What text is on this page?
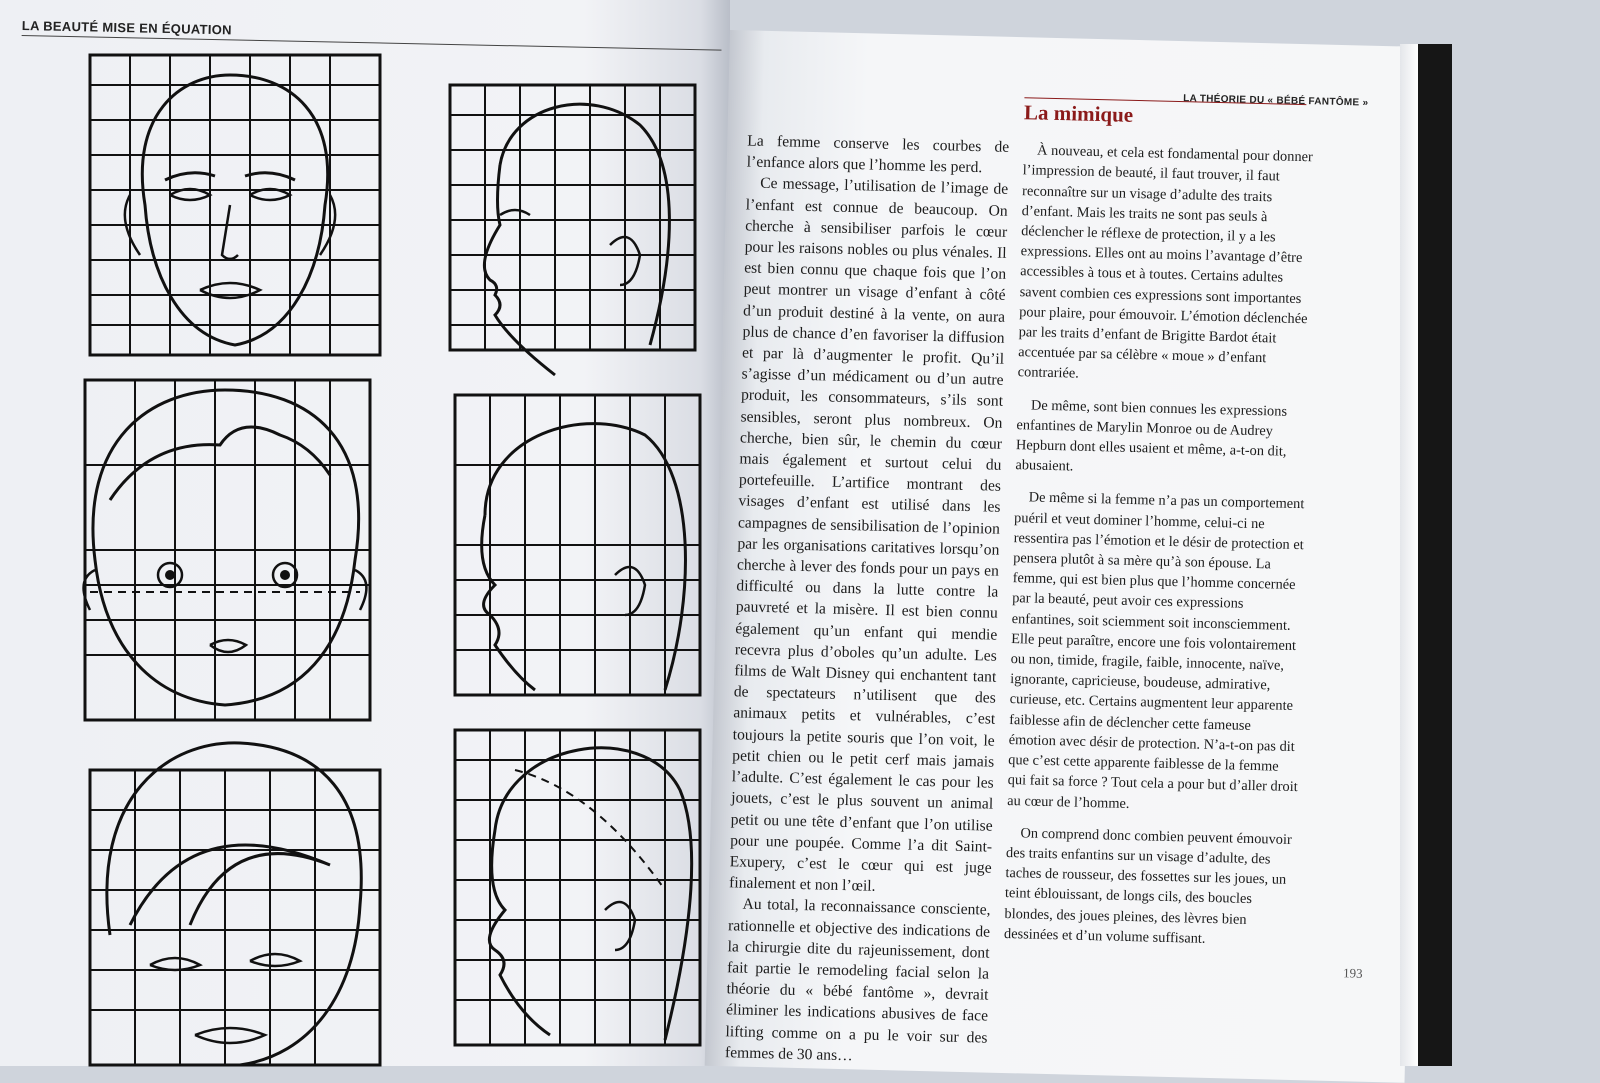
LA BEAUTÉ MISE EN ÉQUATION
LA THÉORIE DU « BÉBÉ FANTÔME »

La femme conserve les courbes de l’enfance alors que l’homme les perd.

Ce message, l’utilisation de l’image de l’enfant est connue de beaucoup. On cherche à sensibiliser parfois le cœur pour les raisons nobles ou plus vénales. Il est bien connu que chaque fois que l’on peut montrer un visage d’enfant à côté d’un produit destiné à la vente, on aura plus de chance d’en favoriser la diffusion et par là d’augmenter le profit. Qu’il s’agisse d’un médicament ou d’un autre produit, les consommateurs, s’ils sont sensibles, seront plus nombreux. On cherche, bien sûr, le chemin du cœur mais également et surtout celui du portefeuille. L’artifice montrant des visages d’enfant est utilisé dans les campagnes de sensibilisation de l’opinion par les organisations caritatives lorsqu’on cherche à lever des fonds pour un pays en difficulté ou dans la lutte contre la pauvreté et la misère. Il est bien connu également qu’un enfant qui mendie recevra plus d’oboles qu’un adulte. Les films de Walt Disney qui enchantent tant de spectateurs n’utilisent que des animaux petits et vulnérables, c’est toujours la petite souris que l’on voit, le petit chien ou le petit cerf mais jamais l’adulte. C’est également le cas pour les jouets, c’est le plus souvent un animal petit ou une tête d’enfant que l’on utilise pour une poupée. Comme l’a dit Saint-Exupery, c’est le cœur qui est juge finalement et non l’œil.

Au total, la reconnaissance consciente, rationnelle et objective des indications de la chirurgie dite du rajeunissement, dont fait partie le remodeling facial selon la théorie du « bébé fantôme », devrait éliminer les indications abusives de face lifting comme on a pu le voir sur des femmes de 30 ans…

La mimique

À nouveau, et cela est fondamental pour donner l’impression de beauté, il faut trouver, il faut reconnaître sur un visage d’adulte des traits d’enfant. Mais les traits ne sont pas seuls à déclencher le réflexe de protection, il y a les expressions. Elles ont au moins l’avantage d’être accessibles à tous et à toutes. Certains adultes savent combien ces expressions sont importantes pour plaire, pour émouvoir. L’émotion déclenchée par les traits d’enfant de Brigitte Bardot était accentuée par sa célèbre « moue » d’enfant contrariée.

De même, sont bien connues les expressions enfantines de Marylin Monroe ou de Audrey Hepburn dont elles usaient et même, a-t-on dit, abusaient.

De même si la femme n’a pas un comportement puéril et veut dominer l’homme, celui-ci ne ressentira pas l’émotion et le désir de protection et pensera plutôt à sa mère qu’à son épouse. La femme, qui est bien plus que l’homme concernée par la beauté, peut avoir ces expressions enfantines, soit sciemment soit inconsciemment. Elle peut paraître, encore une fois volontairement ou non, timide, fragile, faible, innocente, naïve, ignorante, capricieuse, boudeuse, admirative, curieuse, etc. Certains augmentent leur apparente faiblesse afin de déclencher cette fameuse émotion avec désir de protection. N’a-t-on pas dit que c’est cette apparente faiblesse de la femme qui fait sa force ? Tout cela a pour but d’aller droit au cœur de l’homme.

On comprend donc combien peuvent émouvoir des traits enfantins sur un visage d’adulte, des taches de rousseur, des fossettes sur les joues, un teint éblouissant, de longs cils, des boucles blondes, des joues pleines, des lèvres bien dessinées et d’un volume suffisant.

193
